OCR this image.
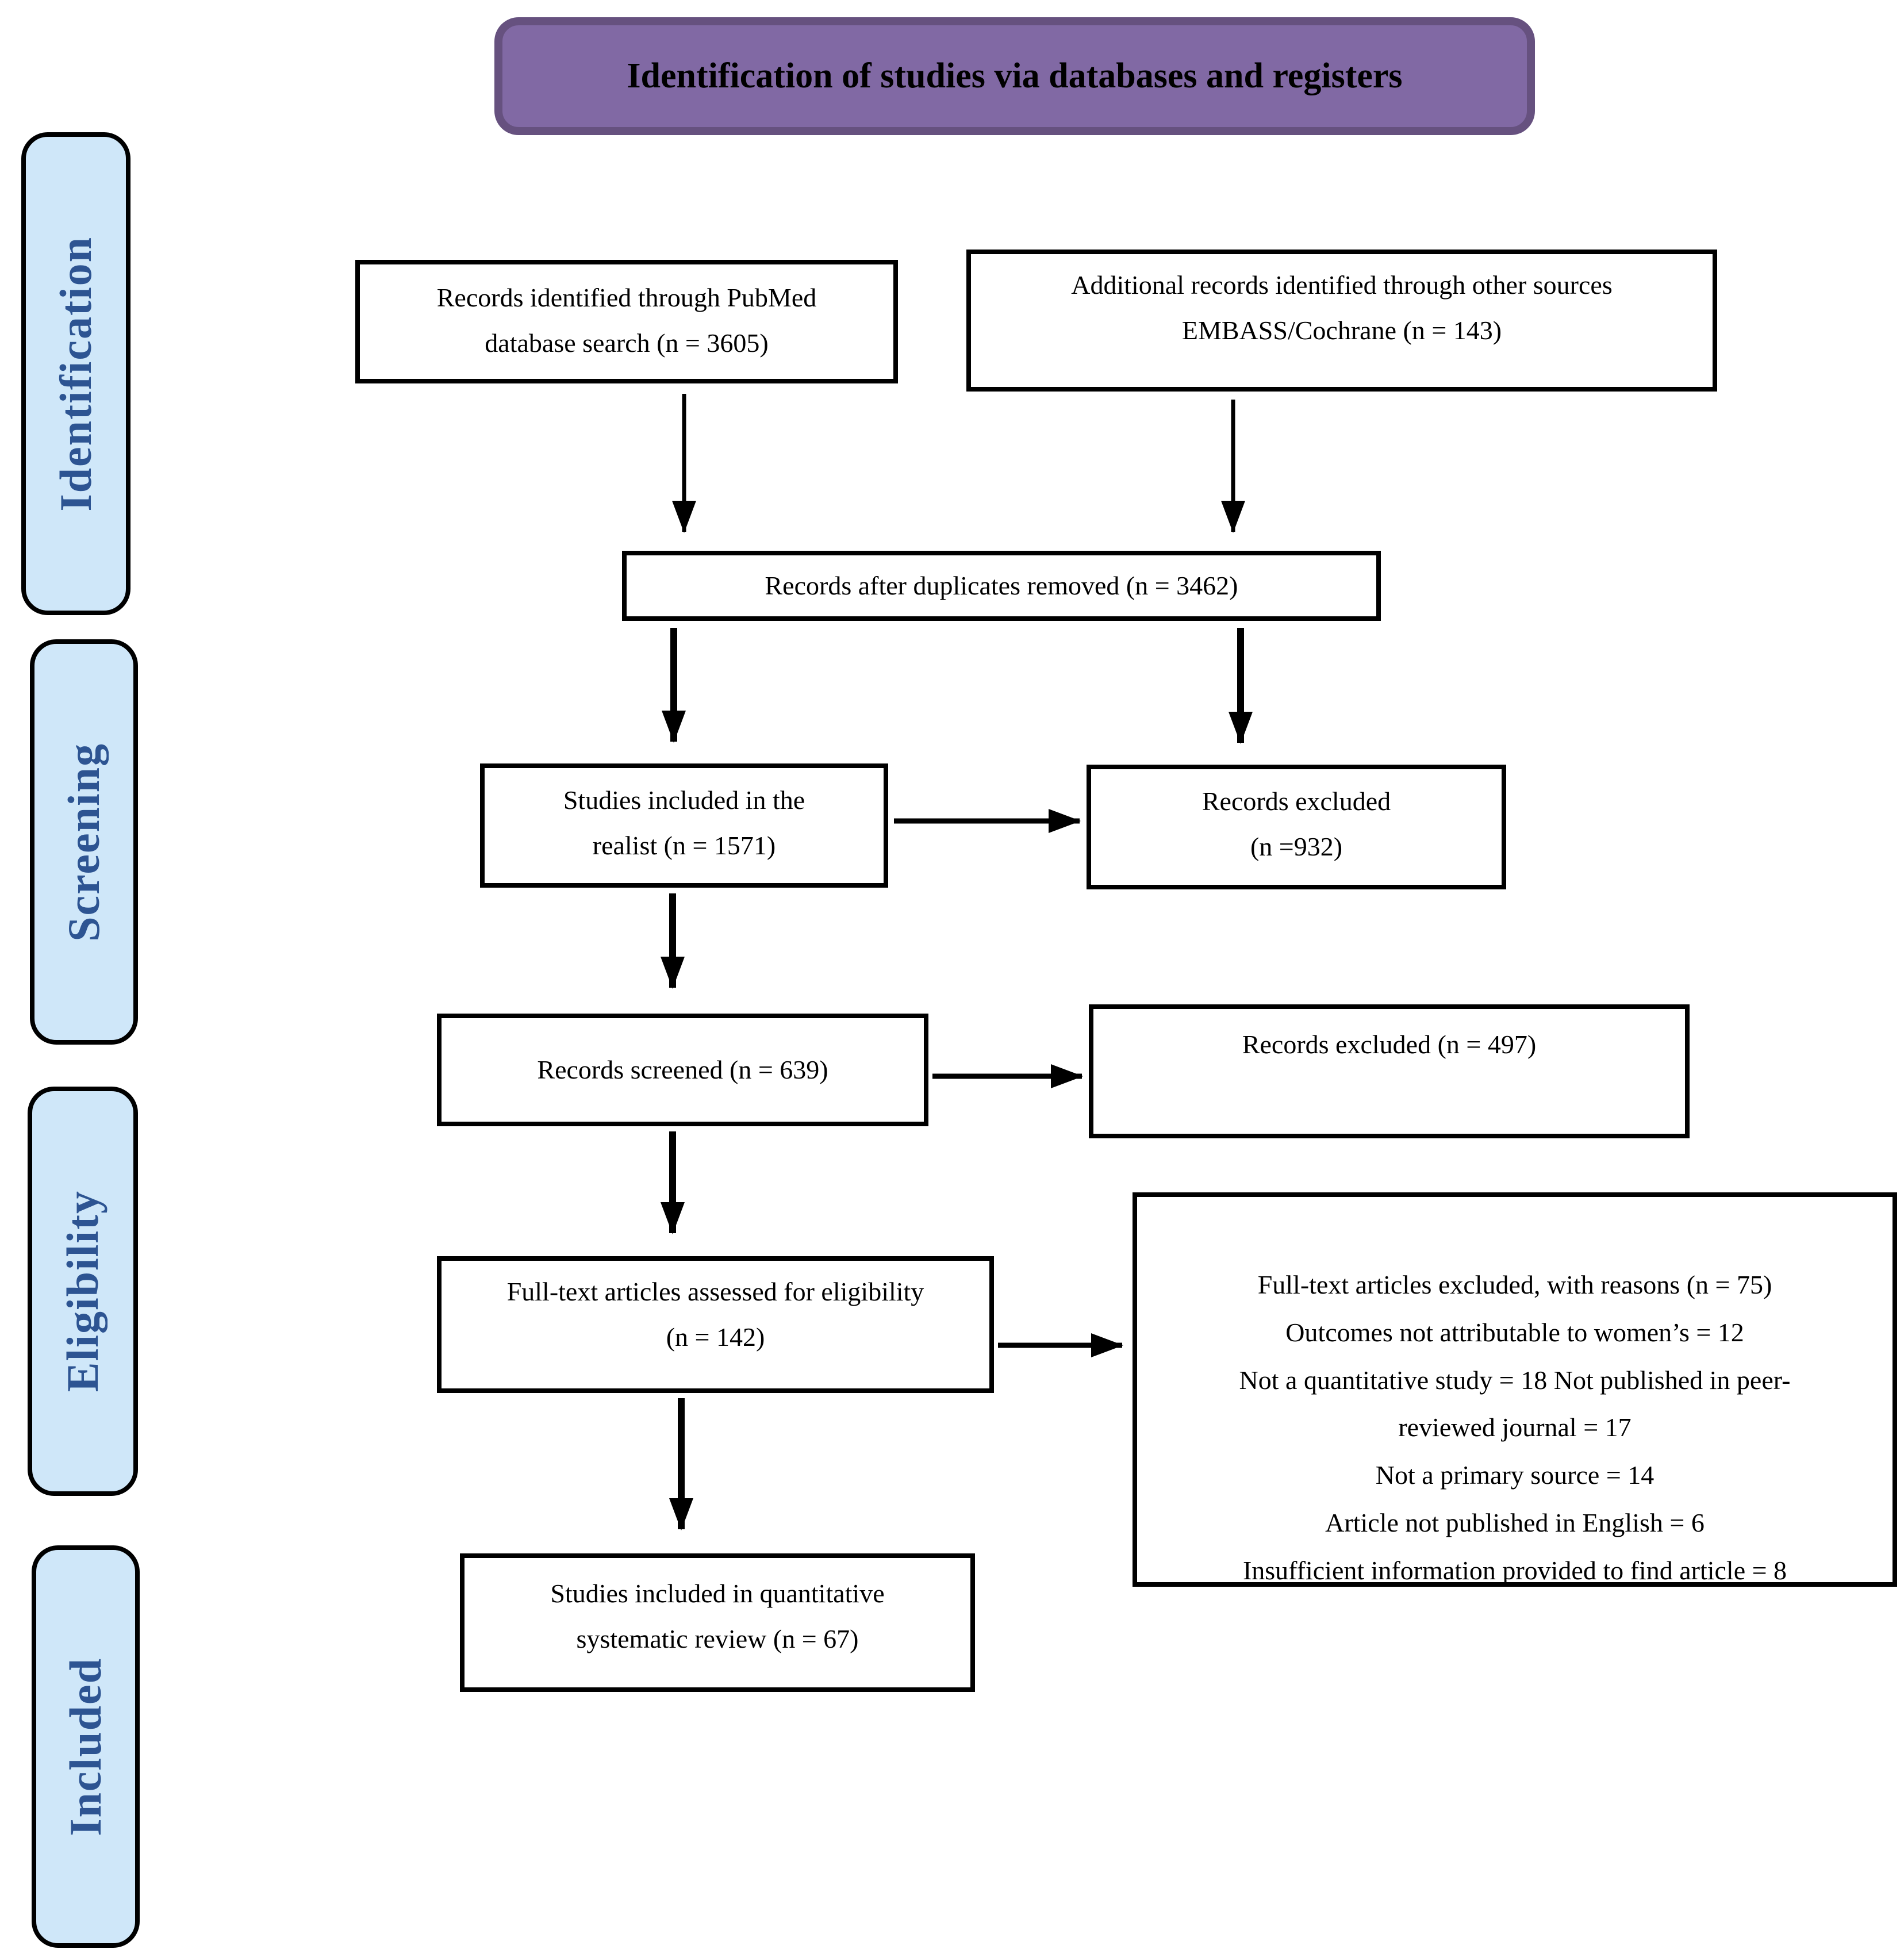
Identification of studies via databases and registers
Identification
Screening
Eligibility
Included
Records identified through PubMed
database search (n = 3605)
Additional records identified through other sources
EMBASS/Cochrane (n = 143)
Records after duplicates removed (n = 3462)
Studies included in the
realist (n = 1571)
Records excluded
(n =932)
Records screened (n = 639)
Records excluded (n = 497)
Full-text articles assessed for eligibility
(n = 142)
Full-text articles excluded, with reasons (n = 75)
Outcomes not attributable to women’s = 12
Not a quantitative study = 18 Not published in peer-
reviewed journal = 17
Not a primary source = 14
Article not published in English = 6
Insufficient information provided to find article = 8
Studies included in quantitative
systematic review (n = 67)
